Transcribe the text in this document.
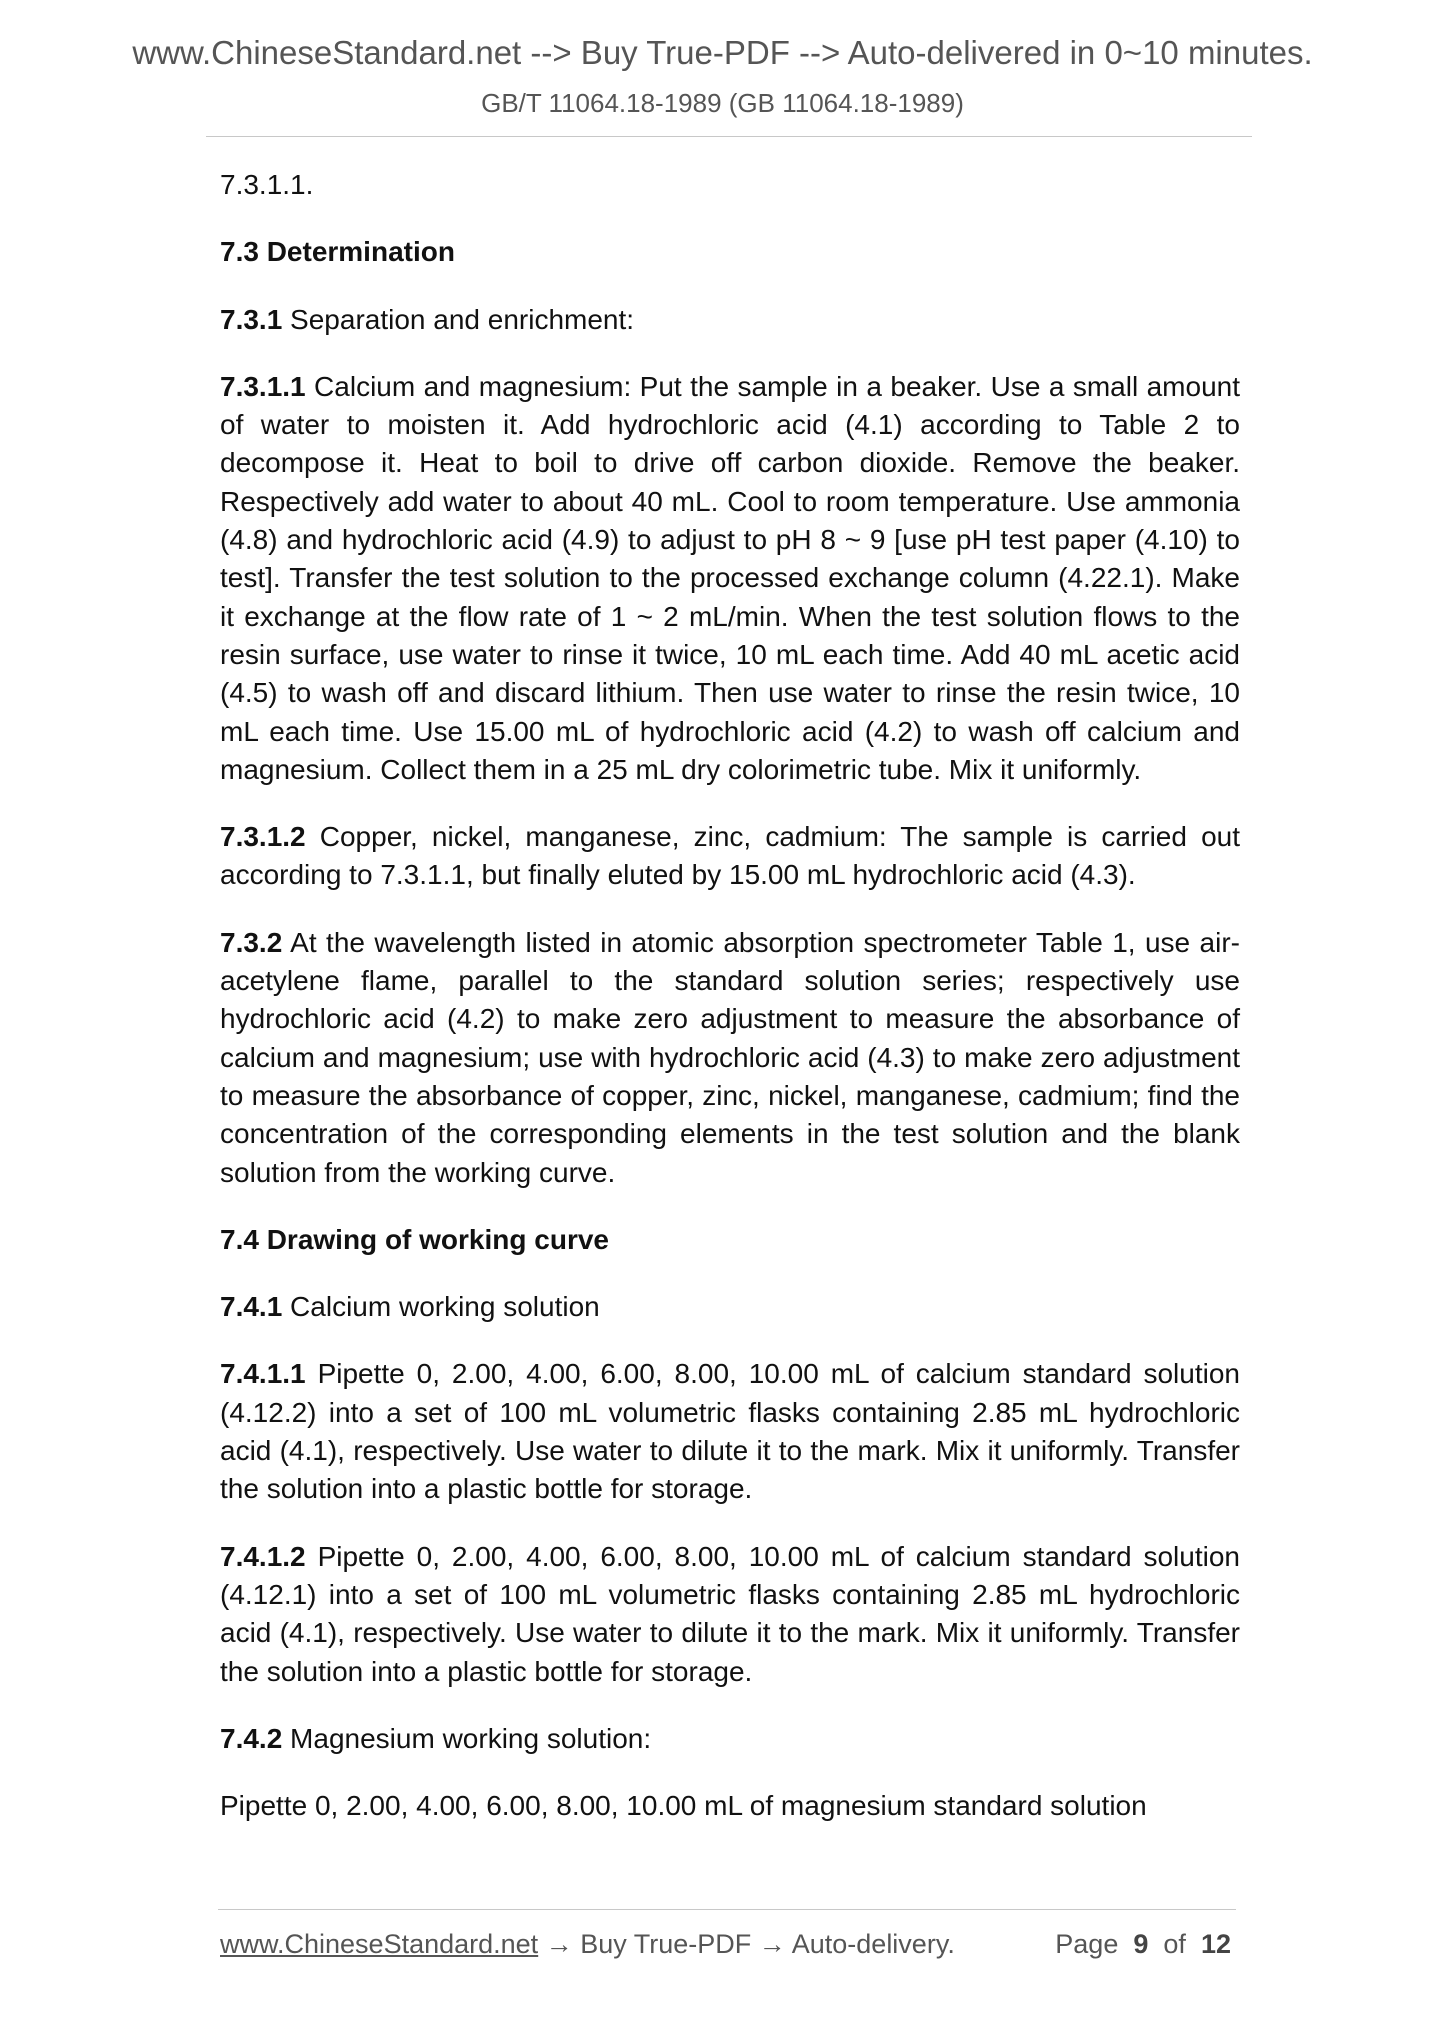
www.ChineseStandard.net --> Buy True-PDF --> Auto-delivered in 0~10 minutes.
GB/T 11064.18-1989 (GB 11064.18-1989)

7.3.1.1.

7.3 Determination

7.3.1 Separation and enrichment:

7.3.1.1 Calcium and magnesium: Put the sample in a beaker. Use a small amount of water to moisten it. Add hydrochloric acid (4.1) according to Table 2 to decompose it. Heat to boil to drive off carbon dioxide. Remove the beaker. Respectively add water to about 40 mL. Cool to room temperature. Use ammonia (4.8) and hydrochloric acid (4.9) to adjust to pH 8 ~ 9 [use pH test paper (4.10) to test]. Transfer the test solution to the processed exchange column (4.22.1). Make it exchange at the flow rate of 1 ~ 2 mL/min. When the test solution flows to the resin surface, use water to rinse it twice, 10 mL each time. Add 40 mL acetic acid (4.5) to wash off and discard lithium. Then use water to rinse the resin twice, 10 mL each time. Use 15.00 mL of hydrochloric acid (4.2) to wash off calcium and magnesium. Collect them in a 25 mL dry colorimetric tube. Mix it uniformly.

7.3.1.2 Copper, nickel, manganese, zinc, cadmium: The sample is carried out according to 7.3.1.1, but finally eluted by 15.00 mL hydrochloric acid (4.3).

7.3.2 At the wavelength listed in atomic absorption spectrometer Table 1, use air-acetylene flame, parallel to the standard solution series; respectively use hydrochloric acid (4.2) to make zero adjustment to measure the absorbance of calcium and magnesium; use with hydrochloric acid (4.3) to make zero adjustment to measure the absorbance of copper, zinc, nickel, manganese, cadmium; find the concentration of the corresponding elements in the test solution and the blank solution from the working curve.

7.4 Drawing of working curve

7.4.1 Calcium working solution

7.4.1.1 Pipette 0, 2.00, 4.00, 6.00, 8.00, 10.00 mL of calcium standard solution (4.12.2) into a set of 100 mL volumetric flasks containing 2.85 mL hydrochloric acid (4.1), respectively. Use water to dilute it to the mark. Mix it uniformly. Transfer the solution into a plastic bottle for storage.

7.4.1.2 Pipette 0, 2.00, 4.00, 6.00, 8.00, 10.00 mL of calcium standard solution (4.12.1) into a set of 100 mL volumetric flasks containing 2.85 mL hydrochloric acid (4.1), respectively. Use water to dilute it to the mark. Mix it uniformly. Transfer the solution into a plastic bottle for storage.

7.4.2 Magnesium working solution:

Pipette 0, 2.00, 4.00, 6.00, 8.00, 10.00 mL of magnesium standard solution

www.ChineseStandard.net → Buy True-PDF → Auto-delivery.	Page 9 of 12
